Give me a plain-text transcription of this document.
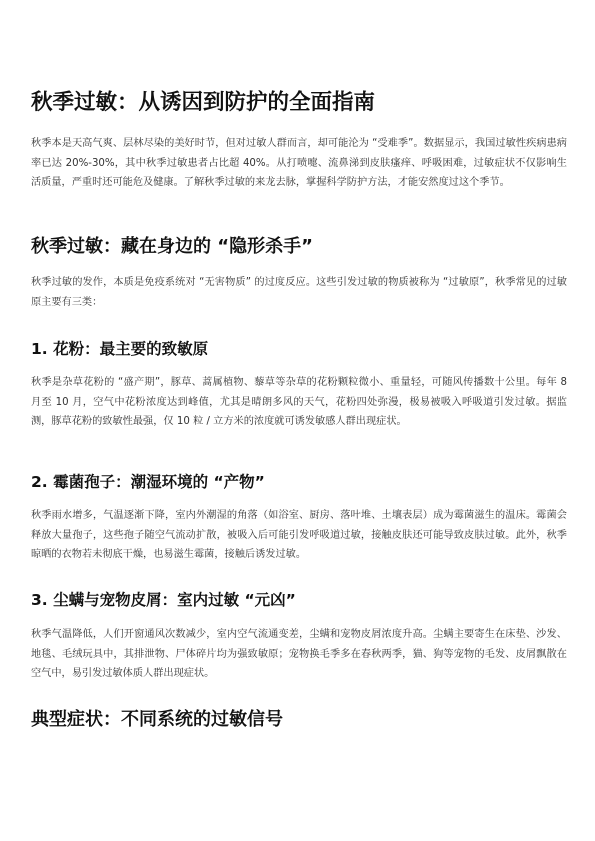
秋季过敏：从诱因到防护的全面指南

秋季本是天高气爽、层林尽染的美好时节，但对过敏人群而言，却可能沦为 “受难季”。数据显示，我国过敏性疾病患病率已达 20%-30%，其中秋季过敏患者占比超 40%。从打喷嚏、流鼻涕到皮肤瘙痒、呼吸困难，过敏症状不仅影响生活质量，严重时还可能危及健康。了解秋季过敏的来龙去脉，掌握科学防护方法，才能安然度过这个季节。

秋季过敏：藏在身边的 “隐形杀手”

秋季过敏的发作，本质是免疫系统对 “无害物质” 的过度反应。这些引发过敏的物质被称为 “过敏原”，秋季常见的过敏原主要有三类：

1. 花粉：最主要的致敏原

秋季是杂草花粉的 “盛产期”，豚草、蒿属植物、藜草等杂草的花粉颗粒微小、重量轻，可随风传播数十公里。每年 8 月至 10 月，空气中花粉浓度达到峰值，尤其是晴朗多风的天气，花粉四处弥漫，极易被吸入呼吸道引发过敏。据监测，豚草花粉的致敏性最强，仅 10 粒 / 立方米的浓度就可诱发敏感人群出现症状。

2. 霉菌孢子：潮湿环境的 “产物”

秋季雨水增多，气温逐渐下降，室内外潮湿的角落（如浴室、厨房、落叶堆、土壤表层）成为霉菌滋生的温床。霉菌会释放大量孢子，这些孢子随空气流动扩散，被吸入后可能引发呼吸道过敏，接触皮肤还可能导致皮肤过敏。此外，秋季晾晒的衣物若未彻底干燥，也易滋生霉菌，接触后诱发过敏。

3. 尘螨与宠物皮屑：室内过敏 “元凶”

秋季气温降低，人们开窗通风次数减少，室内空气流通变差，尘螨和宠物皮屑浓度升高。尘螨主要寄生在床垫、沙发、地毯、毛绒玩具中，其排泄物、尸体碎片均为强致敏原；宠物换毛季多在春秋两季，猫、狗等宠物的毛发、皮屑飘散在空气中，易引发过敏体质人群出现症状。

典型症状：不同系统的过敏信号
